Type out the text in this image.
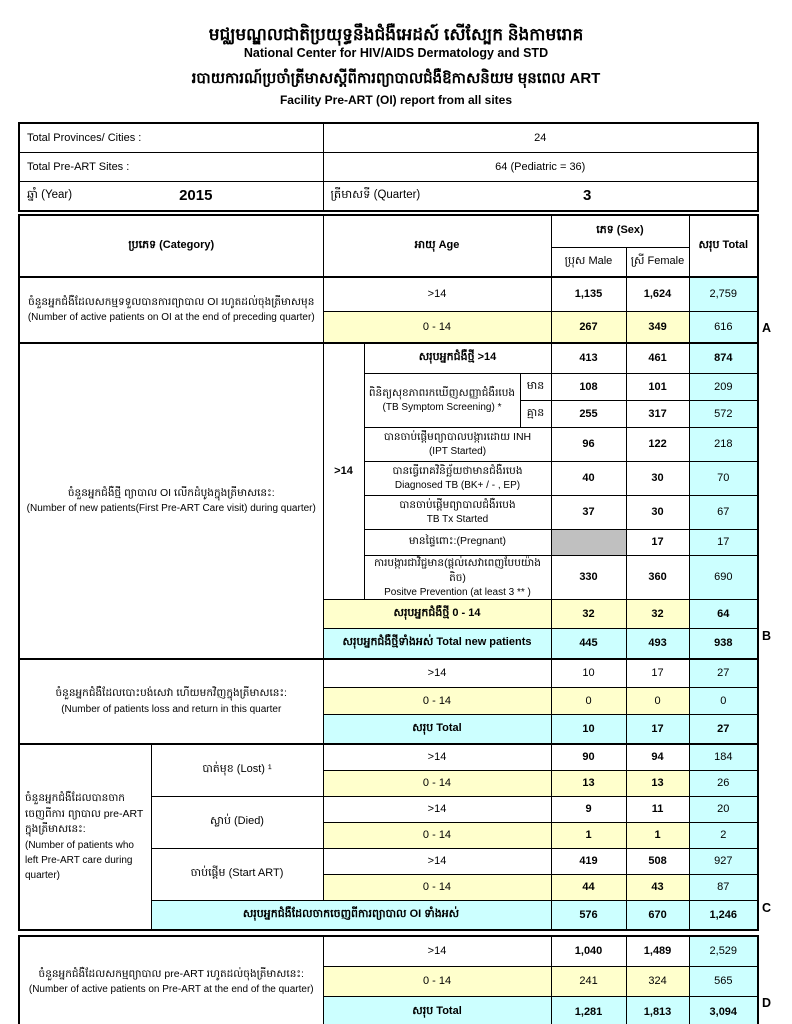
មជ្ឈមណ្ឌលជាតិប្រយុទ្ធនឹងជំងឺអេដស៍ សើស្បែក និងកាមរោគ
National Center for HIV/AIDS Dermatology and STD
របាយការណ៍ប្រចាំត្រីមាសស្តីពីការព្យាបាលជំងឺឱកាសនិយម មុនពេល ART
Facility Pre-ART (OI) report from all sites
Total Provinces/ Cities :	24
Total Pre-ART Sites :	64 (Pediatric = 36)

ឆ្នាំ (Year) 2015	ត្រីមាសទី (Quarter) 3
ប្រភេទ (Category)		អាយុ Age			ភេទ (Sex)		សរុប Total
					ប្រុស Male	ស្រី Female	

ចំនួនអ្នកជំងឺដែលសកម្មទទួលបានការព្យាបាល OI រហូតដល់ចុងត្រីមាសមុន
(Number of active patients on OI at the end of preceding quarter)		>14			1,135	1,624	2,759
		0 - 14			267	349	616

ចំនួនអ្នកជំងឺថ្មី ព្យាបាល OI លើកដំបូងក្នុងត្រីមាសនេះ:
(Number of new patients(First Pre-ART Care visit) during quarter)		>14	សរុបអ្នកជំងឺថ្មី >14		413	461	874

			ពិនិត្យសុខភាពរកឃើញសញ្ញាជំងឺរបេង
(TB Symptom Screening) *	មាន	108	101	209
				គ្មាន	255	317	572

			បានចាប់ផ្តើមព្យាបាលបង្ការដោយ INH
(IPT Started)		96	122	218

			បានធ្វើរោគវិនិច្ឆ័យថាមានជំងឺរបេង
Diagnosed TB (BK+ / - , EP)		40	30	70

			បានចាប់ផ្តើមព្យាបាលជំងឺរបេង
TB Tx Started		37	30	67

			មានផ្ទៃពោះ:(Pregnant)			17	17

			ការបង្ការជាវិជ្ជមាន(ផ្តល់សេវាពេញបែបយ៉ាងតិច)
Positve Prevention (at least 3 ** )		330	360	690
		សរុបអ្នកជំងឺថ្មី 0 - 14			32	32	64
		សរុបអ្នកជំងឺថ្មីទាំងអស់ Total new patients			445	493	938

ចំនួនអ្នកជំងឺដែលបោះបង់សេវា ហើយមកវិញក្នុងត្រីមាសនេះ:
(Number of patients loss and return in this quarter		>14			10	17	27
		0 - 14			0	0	0
		សរុប Total			10	17	27

ចំនួនអ្នកជំងឺដែលបានចាកចេញពីការ ព្យាបាល pre-ART ក្នុងត្រីមាសនេះ:
(Number of patients who left Pre-ART care during quarter)	បាត់មុខ (Lost) ¹	>14			90	94	184
		0 - 14			13	13	26
	ស្លាប់ (Died)	>14			9	11	20
		0 - 14			1	1	2
	ចាប់ផ្តើម (Start ART)	>14			419	508	927
		0 - 14			44	43	87
	សរុបអ្នកជំងឺដែលចាកចេញពីការព្យាបាល OI ទាំងអស់				576	670	1,246
ចំនួនអ្នកជំងឺដែលសកម្មព្យាបាល pre-ART រហូតដល់ចុងត្រីមាសនេះ:
(Number of active patients on Pre-ART at the end of the quarter)	>14	1,040	1,489	2,529
	0 - 14	241	324	565
	សរុប Total	1,281	1,813	3,094
A
B
C
D
